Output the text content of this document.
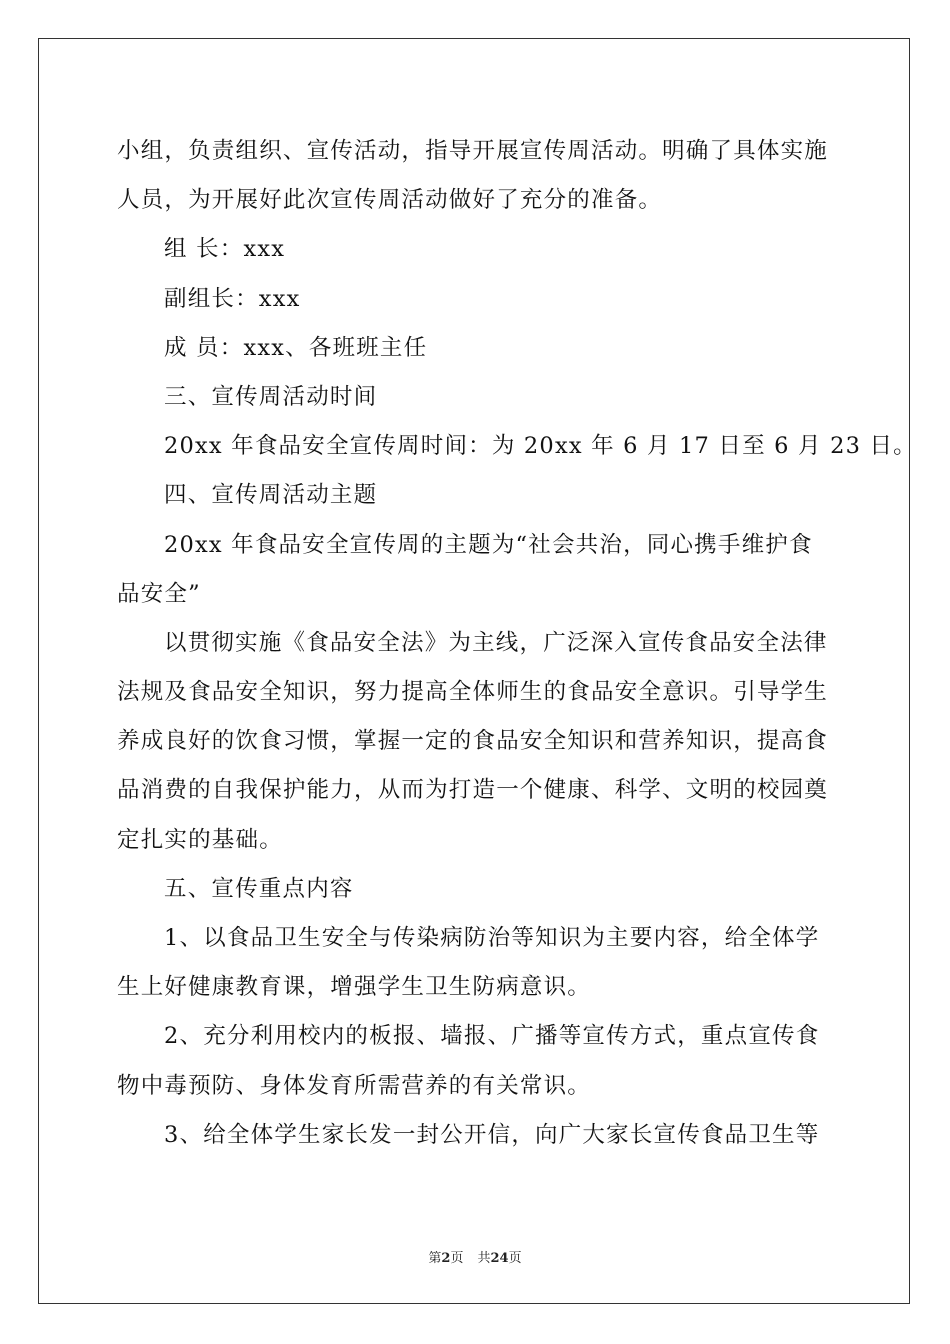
小组，负责组织、宣传活动，指导开展宣传周活动。明确了具体实施
人员，为开展好此次宣传周活动做好了充分的准备。
组 长：xxx
副组长：xxx
成 员：xxx、各班班主任
三、宣传周活动时间
20xx 年食品安全宣传周时间：为 20xx 年 6 月 17 日至 6 月 23 日。
四、宣传周活动主题
20xx 年食品安全宣传周的主题为“社会共治，同心携手维护食
品安全”
以贯彻实施《食品安全法》为主线，广泛深入宣传食品安全法律
法规及食品安全知识，努力提高全体师生的食品安全意识。引导学生
养成良好的饮食习惯，掌握一定的食品安全知识和营养知识，提高食
品消费的自我保护能力，从而为打造一个健康、科学、文明的校园奠
定扎实的基础。
五、宣传重点内容
1、以食品卫生安全与传染病防治等知识为主要内容，给全体学
生上好健康教育课，增强学生卫生防病意识。
2、充分利用校内的板报、墙报、广播等宣传方式，重点宣传食
物中毒预防、身体发育所需营养的有关常识。
3、给全体学生家长发一封公开信，向广大家长宣传食品卫生等
第2页 共24页
